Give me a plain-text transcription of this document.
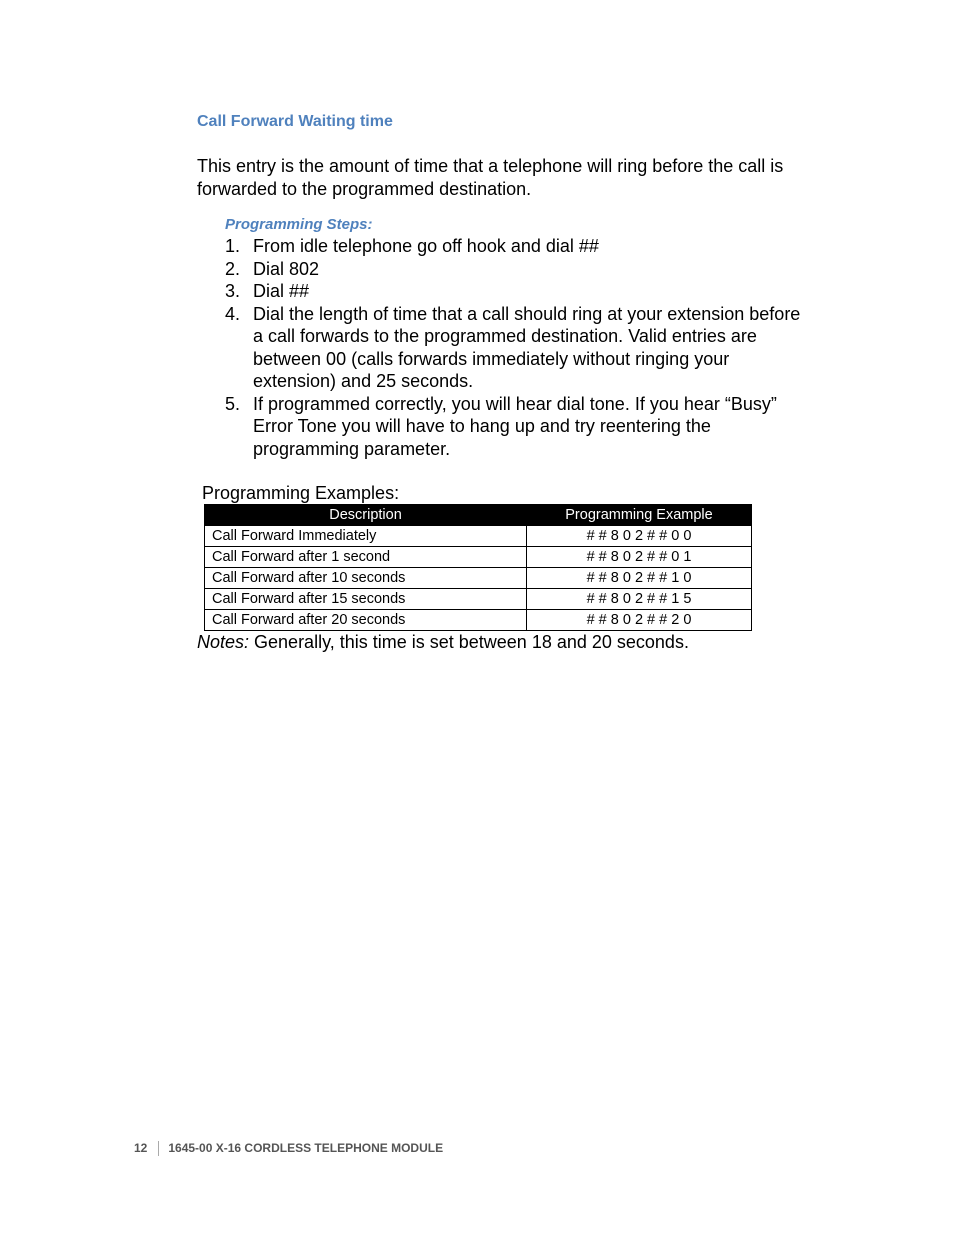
Call Forward Waiting time
This entry is the amount of time that a telephone will ring before the call is forwarded to the programmed destination.
Programming Steps:
1. From idle telephone go off hook and dial ##
2. Dial 802
3. Dial ##
4. Dial the length of time that a call should ring at your extension before a call forwards to the programmed destination. Valid entries are between 00 (calls forwards immediately without ringing your extension) and 25 seconds.
5. If programmed correctly, you will hear dial tone. If you hear “Busy” Error Tone you will have to hang up and try reentering the programming parameter.
Programming Examples:
Description	Programming Example
Call Forward Immediately	# # 8 0 2 # # 0 0
Call Forward after 1 second	# # 8 0 2 # # 0 1
Call Forward after 10 seconds	# # 8 0 2 # # 1 0
Call Forward after 15 seconds	# # 8 0 2 # # 1 5
Call Forward after 20 seconds	# # 8 0 2 # # 2 0
Notes: Generally, this time is set between 18 and 20 seconds.
12 1645-00 X-16 CORDLESS TELEPHONE MODULE
